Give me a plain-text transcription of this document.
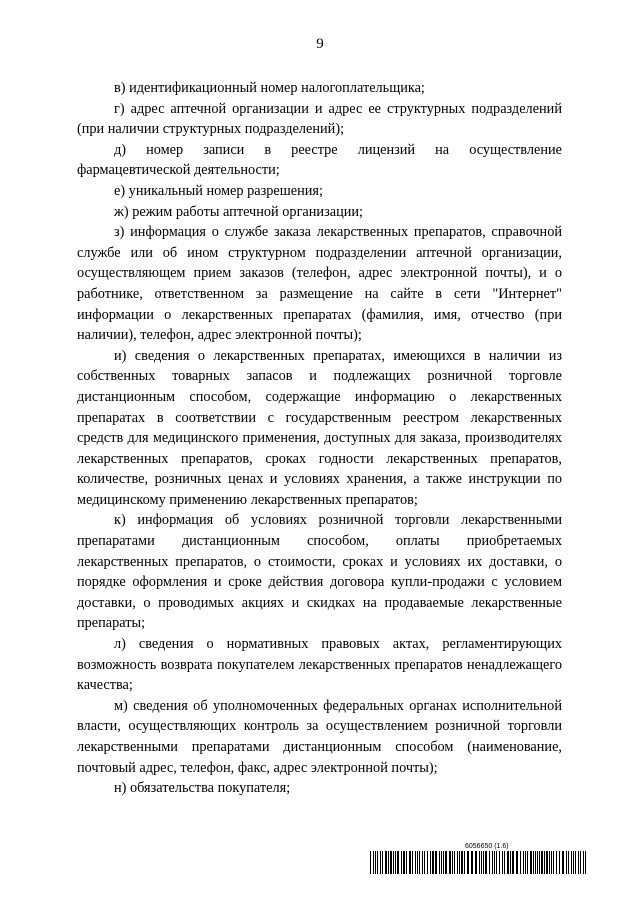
9

в) идентификационный номер налогоплательщика;

г) адрес аптечной организации и адрес ее структурных подразделений (при наличии структурных подразделений);

д) номер записи в реестре лицензий на осуществление фармацевтической деятельности;

е) уникальный номер разрешения;

ж) режим работы аптечной организации;

з) информация о службе заказа лекарственных препаратов, справочной службе или об ином структурном подразделении аптечной организации, осуществляющем прием заказов (телефон, адрес электронной почты), и о работнике, ответственном за размещение на сайте в сети "Интернет" информации о лекарственных препаратах (фамилия, имя, отчество (при наличии), телефон, адрес электронной почты);

и) сведения о лекарственных препаратах, имеющихся в наличии из собственных товарных запасов и подлежащих розничной торговле дистанционным способом, содержащие информацию о лекарственных препаратах в соответствии с государственным реестром лекарственных средств для медицинского применения, доступных для заказа, производителях лекарственных препаратов, сроках годности лекарственных препаратов, количестве, розничных ценах и условиях хранения, а также инструкции по медицинскому применению лекарственных препаратов;

к) информация об условиях розничной торговли лекарственными препаратами дистанционным способом, оплаты приобретаемых лекарственных препаратов, о стоимости, сроках и условиях их доставки, о порядке оформления и сроке действия договора купли-продажи с условием доставки, о проводимых акциях и скидках на продаваемые лекарственные препараты;

л) сведения о нормативных правовых актах, регламентирующих возможность возврата покупателем лекарственных препаратов ненадлежащего качества;

м) сведения об уполномоченных федеральных органах исполнительной власти, осуществляющих контроль за осуществлением розничной торговли лекарственными препаратами дистанционным способом (наименование, почтовый адрес, телефон, факс, адрес электронной почты);

н) обязательства покупателя;

6056650 (1.6)
